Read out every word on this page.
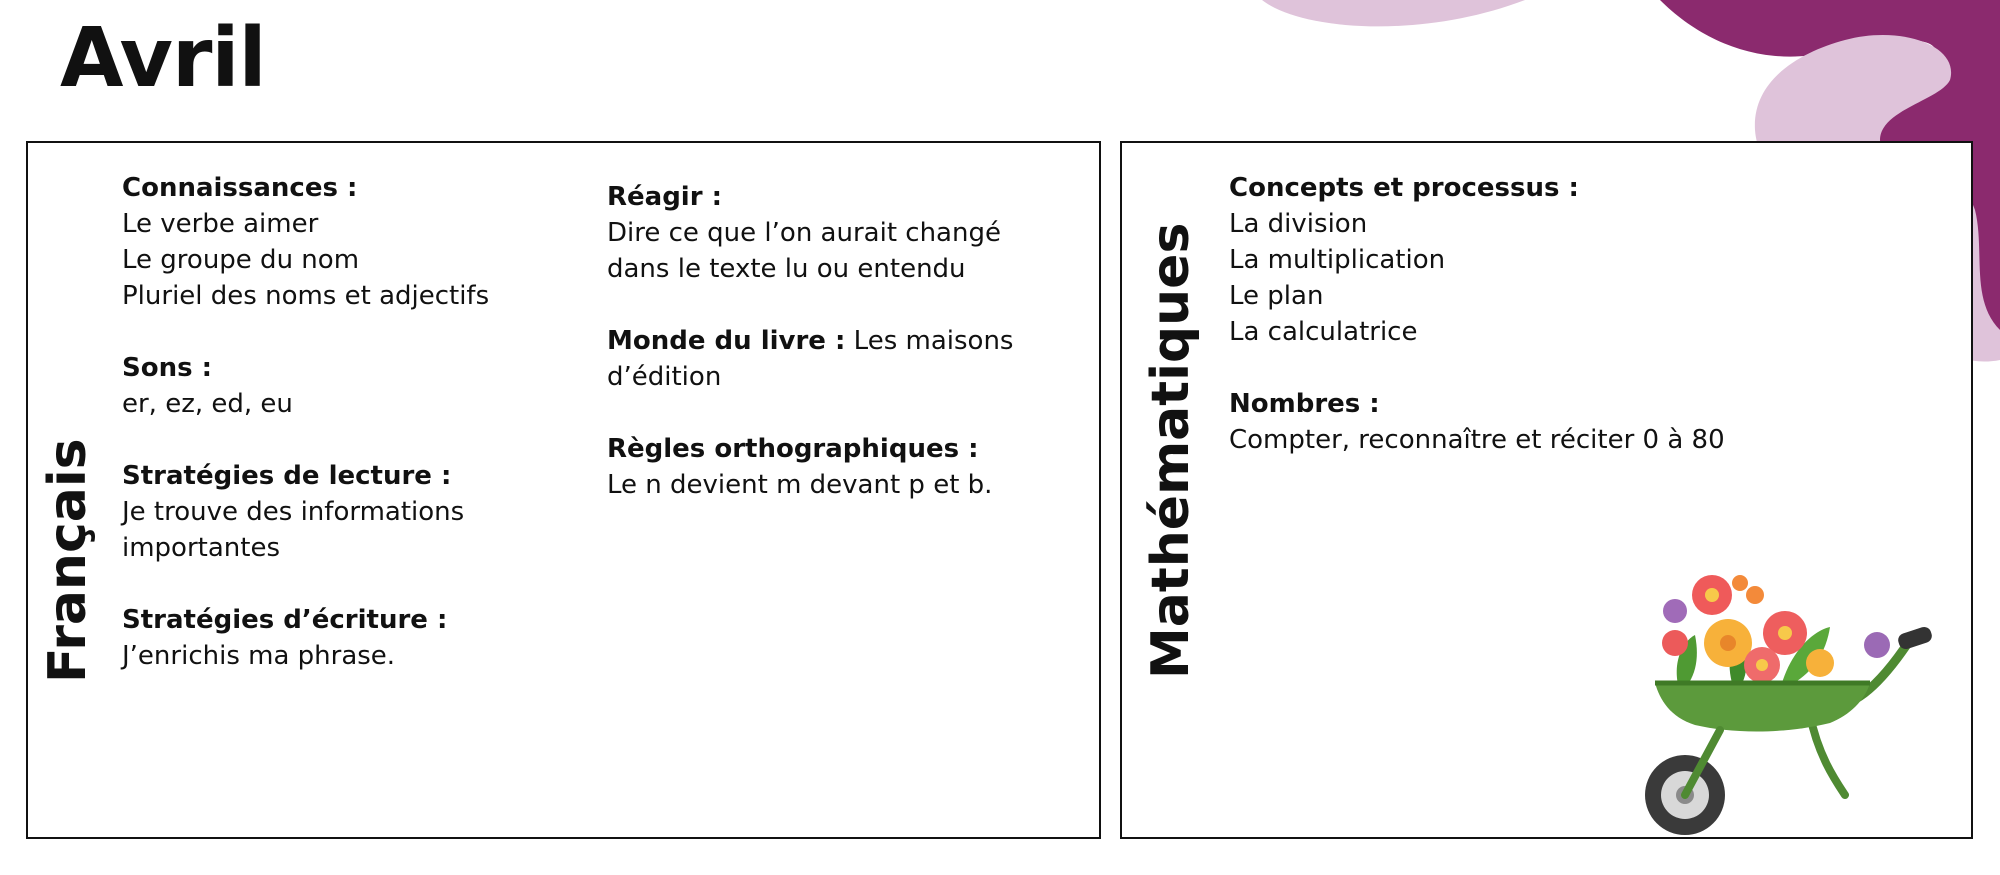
Avril
Français
Connaissances :
Le verbe aimer
Le groupe du nom
Pluriel des noms et adjectifs
Sons :
er, ez, ed, eu
Stratégies de lecture :
Je trouve des informations
importantes
Stratégies d’écriture :
J’enrichis ma phrase.
Réagir :
Dire ce que l’on aurait changé
dans le texte lu ou entendu
Monde du livre : Les maisons
d’édition
Règles orthographiques :
Le n devient m devant p et b.	Mathématiques
Concepts et processus :
La division
La multiplication
Le plan
La calculatrice
Nombres :
Compter, reconnaître et réciter 0 à 80
